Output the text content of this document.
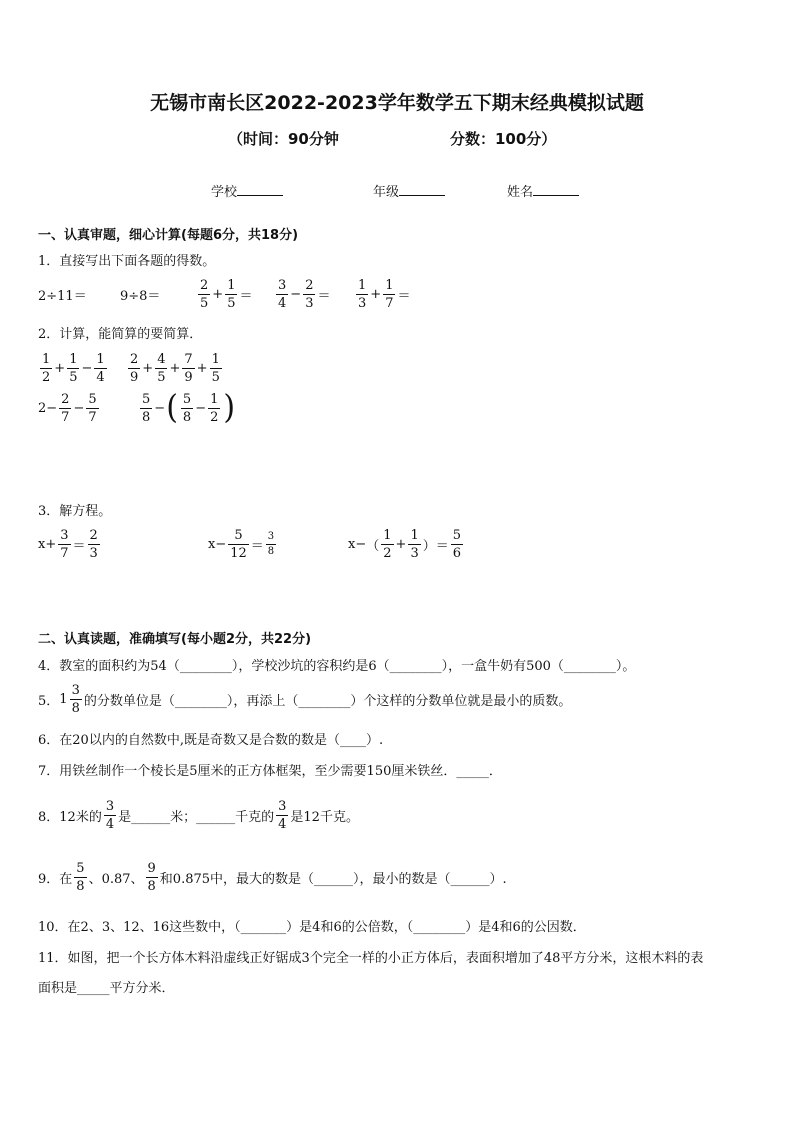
无锡市南长区2022-2023学年数学五下期末经典模拟试题
（时间：90分钟	分数：100分）
学校	年级	姓名
一、认真审题，细心计算(每题6分，共18分)
1．直接写出下面各题的得数。
2÷11＝	9÷8＝	$\frac{2}{5} + \frac{1}{5} = \frac{3}{4} - \frac{2}{3} = \frac{1}{3} + \frac{1}{7}$ ＝
2．计算，能简算的要简算．
$\frac{1}{2} + \frac{1}{5} - \frac{1}{4} \frac{2}{9} + \frac{4}{5} + \frac{7}{9} + \frac{1}{5}$
$2- \frac{2}{7} - \frac{5}{7}$	$\frac{5}{8}$ − ( $\frac{5}{8} - \frac{1}{2}$ )
3．解方程。
$x+ \frac{3}{7} = \frac{2}{3}$	$x- \frac{5}{12} = \frac{3}{8}$	x− （ $\frac{1}{2} + \frac{1}{3}$ ） ＝ $\frac{5}{6}$
二、认真读题，准确填写(每小题2分，共22分)
4．教室的面积约为54（________），学校沙坑的容积约是6（________），一盒牛奶有500（________）。
5． $1 \frac{3}{8}$ 的分数单位是（________），再添上（________）个这样的分数单位就是最小的质数。
6．在20以内的自然数中,既是奇数又是合数的数是（____）.
7．用铁丝制作一个棱长是5厘米的正方体框架，至少需要150厘米铁丝．_____．
8．12米的 $\frac{3}{4}$ 是______米；______千克的 $\frac{3}{4}$ 是12千克。
9．在 $\frac{5}{8}$ 、0.87、 $\frac{9}{8}$ 和0.875中，最大的数是（______），最小的数是（______）.
10．在2、3、12、16这些数中，（_______）是4和6的公倍数，（________）是4和6的公因数．
11．如图，把一个长方体木料沿虚线正好锯成3个完全一样的小正方体后，表面积增加了48平方分米，这根木料的表
面积是_____平方分米．
